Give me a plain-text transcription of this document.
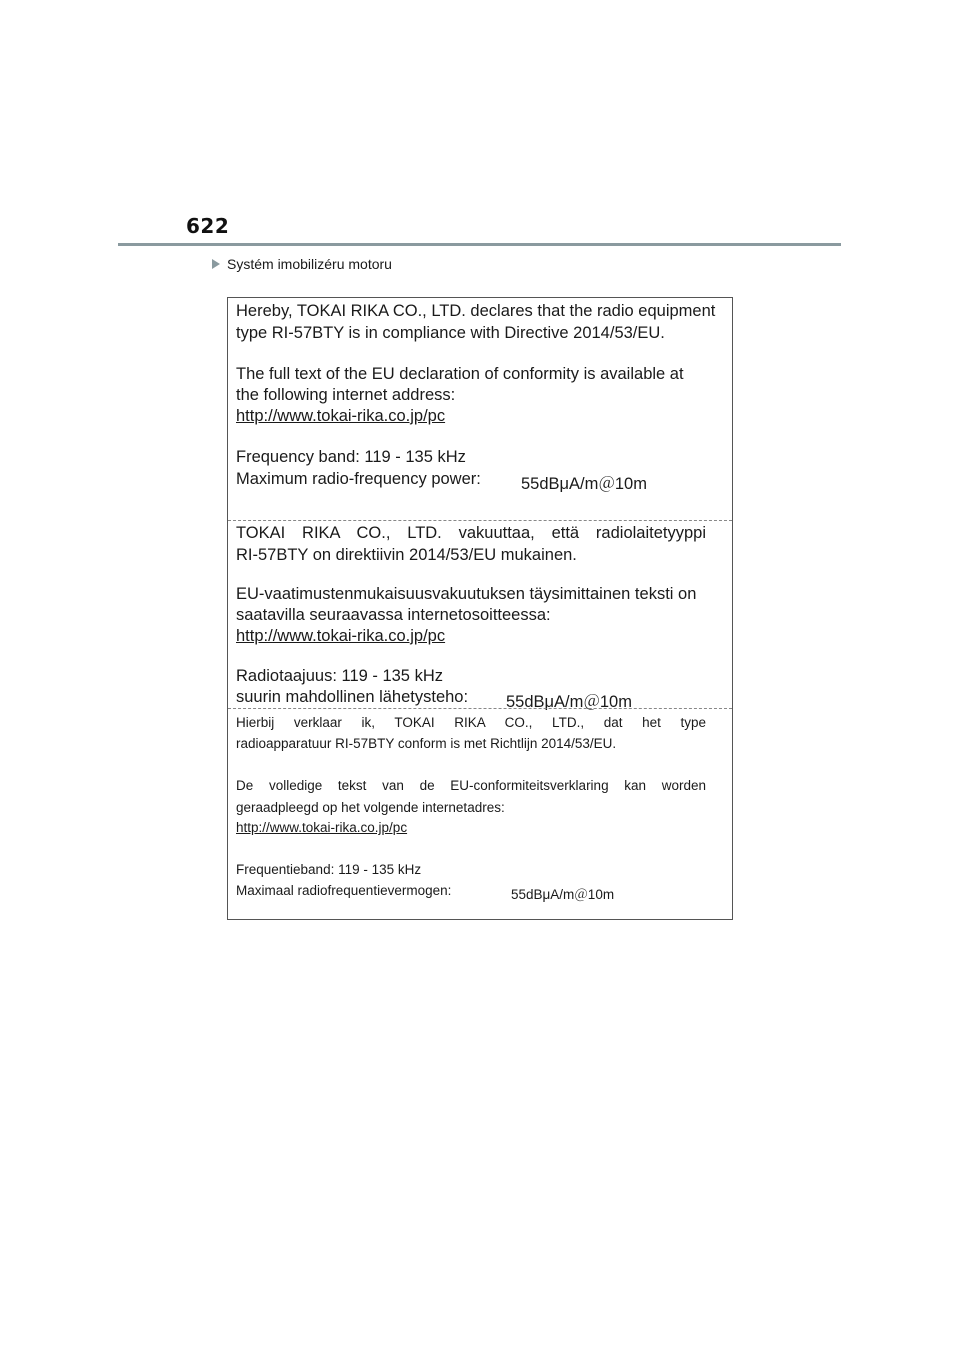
622
Systém imobilizéru motoru
Hereby, TOKAI RIKA CO., LTD. declares that the radio equipment
type RI-57BTY is in compliance with Directive 2014/53/EU.
The full text of the EU declaration of conformity is available at
the following internet address:
http://www.tokai-rika.co.jp/pc
Frequency band: 119 - 135 kHz
Maximum radio-frequency power: 55dBμA/m＠10m
TOKAI RIKA CO., LTD. vakuuttaa, että radiolaitetyyppi
RI-57BTY on direktiivin 2014/53/EU mukainen.
EU-vaatimustenmukaisuusvakuutuksen täysimittainen teksti on
saatavilla seuraavassa internetosoitteessa:
http://www.tokai-rika.co.jp/pc
Radiotaajuus: 119 - 135 kHz
suurin mahdollinen lähetysteho: 55dBμA/m＠10m
Hierbij verklaar ik, TOKAI RIKA CO., LTD., dat het type
radioapparatuur RI-57BTY conform is met Richtlijn 2014/53/EU.
De volledige tekst van de EU-conformiteitsverklaring kan worden
geraadpleegd op het volgende internetadres:
http://www.tokai-rika.co.jp/pc
Frequentieband: 119 - 135 kHz
Maximaal radiofrequentievermogen:	55dBμA/m＠10m
